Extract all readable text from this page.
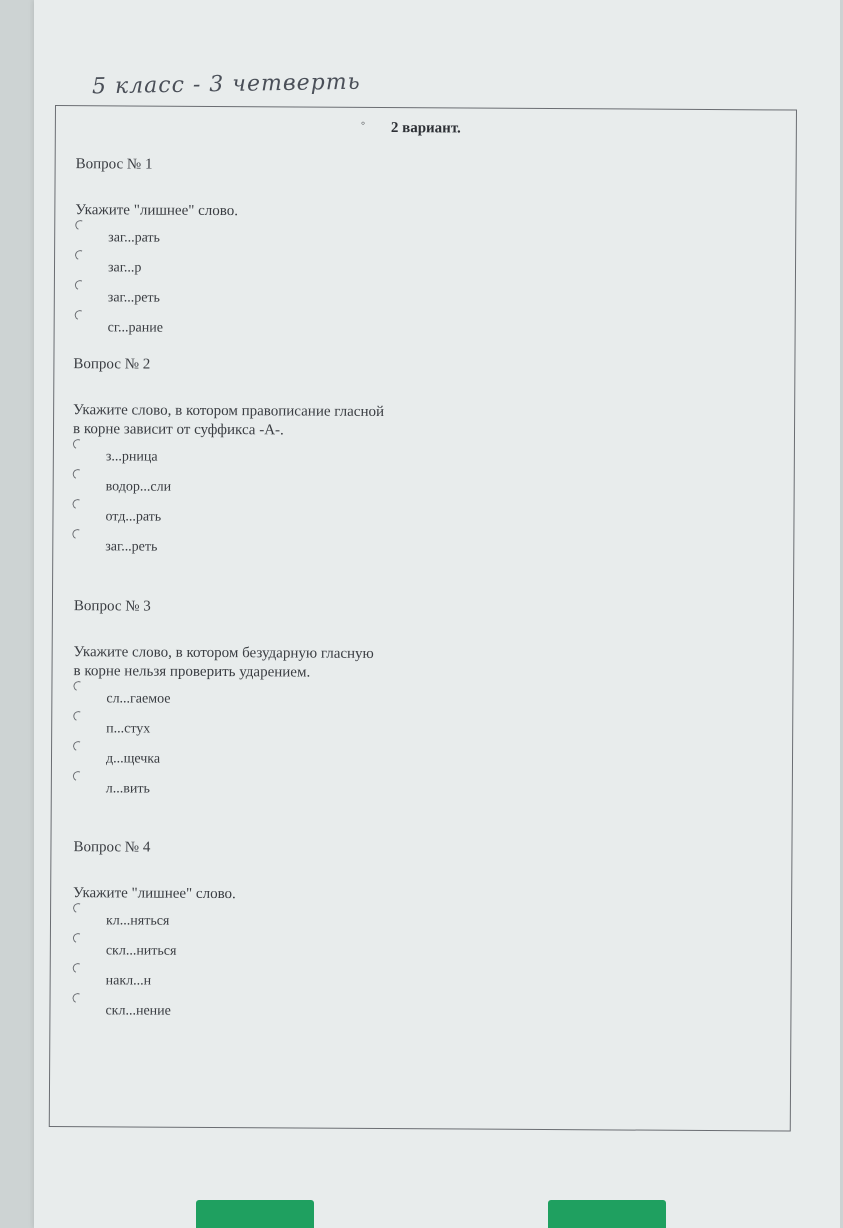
5 класс - 3 четверть
◦ 2 вариант.

Вопрос № 1

Укажите "лишнее" слово.

заг...рать
заг...р
заг...реть
сг...рание

Вопрос № 2

Укажите слово, в котором правописание гласной
в корне зависит от суффикса -А-.

з...рница
водор...сли
отд...рать
заг...реть

Вопрос № 3

Укажите слово, в котором безударную гласную
в корне нельзя проверить ударением.

сл...гаемое
п...стух
д...щечка
л...вить

Вопрос № 4

Укажите "лишнее" слово.

кл...няться
скл...ниться
накл...н
скл...нение
